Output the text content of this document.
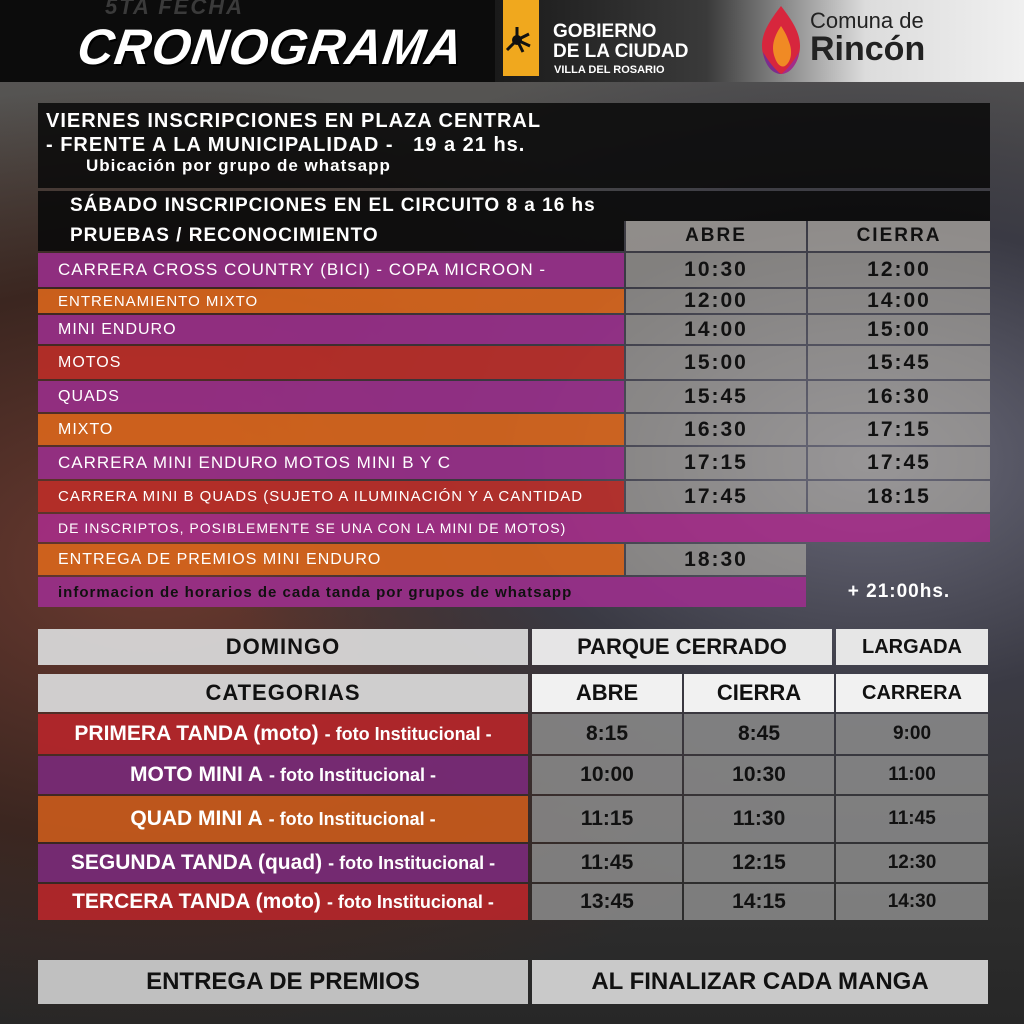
5TA FECHA
CRONOGRAMA	GOBIERNO
DE LA CIUDAD
VILLA DEL ROSARIO
Comuna de
Rincón
VIERNES INSCRIPCIONES EN PLAZA CENTRAL
- FRENTE A LA MUNICIPALIDAD -   19 a 21 hs.
Ubicación por grupo de whatsapp
SÁBADO INSCRIPCIONES EN EL CIRCUITO 8 a 16 hs
PRUEBAS / RECONOCIMIENTO	ABRE	CIERRA
CARRERA CROSS COUNTRY (BICI) - COPA MICROON -	10:30	12:00
ENTRENAMIENTO MIXTO	12:00	14:00
MINI ENDURO	14:00	15:00
MOTOS	15:00	15:45
QUADS	15:45	16:30
MIXTO	16:30	17:15
CARRERA MINI ENDURO MOTOS MINI B Y C	17:15	17:45
CARRERA MINI B QUADS (SUJETO A ILUMINACIÓN Y A CANTIDAD	17:45	18:15
DE INSCRIPTOS, POSIBLEMENTE SE UNA CON LA MINI DE MOTOS)
ENTREGA DE PREMIOS MINI ENDURO	18:30
informacion de horarios de cada tanda por grupos de whatsapp	+ 21:00hs.
DOMINGO	PARQUE CERRADO	LARGADA
CATEGORIAS	ABRE	CIERRA	CARRERA
PRIMERA TANDA (moto) - foto Institucional -	8:15	8:45	9:00
MOTO MINI A - foto Institucional -	10:00	10:30	11:00
QUAD MINI A - foto Institucional -	11:15	11:30	11:45
SEGUNDA TANDA (quad) - foto Institucional -	11:45	12:15	12:30
TERCERA TANDA (moto) - foto Institucional -	13:45	14:15	14:30
ENTREGA DE PREMIOS	AL FINALIZAR CADA MANGA
